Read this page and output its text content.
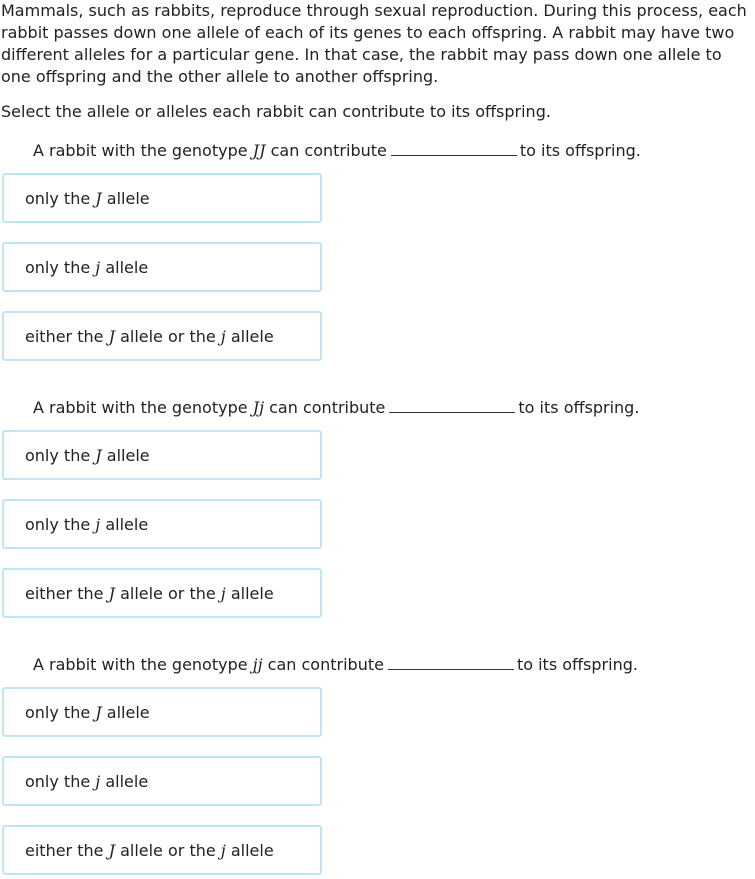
Mammals, such as rabbits, reproduce through sexual reproduction. During this process, each rabbit passes down one allele of each of its genes to each offspring. A rabbit may have two different alleles for a particular gene. In that case, the rabbit may pass down one allele to one offspring and the other allele to another offspring.

Select the allele or alleles each rabbit can contribute to its offspring.

A rabbit with the genotype JJ can contribute	to its offspring.
only the J allele
only the j allele
either the J allele or the j allele
A rabbit with the genotype Jj can contribute	to its offspring.
only the J allele
only the j allele
either the J allele or the j allele
A rabbit with the genotype jj can contribute	to its offspring.
only the J allele
only the j allele
either the J allele or the j allele
